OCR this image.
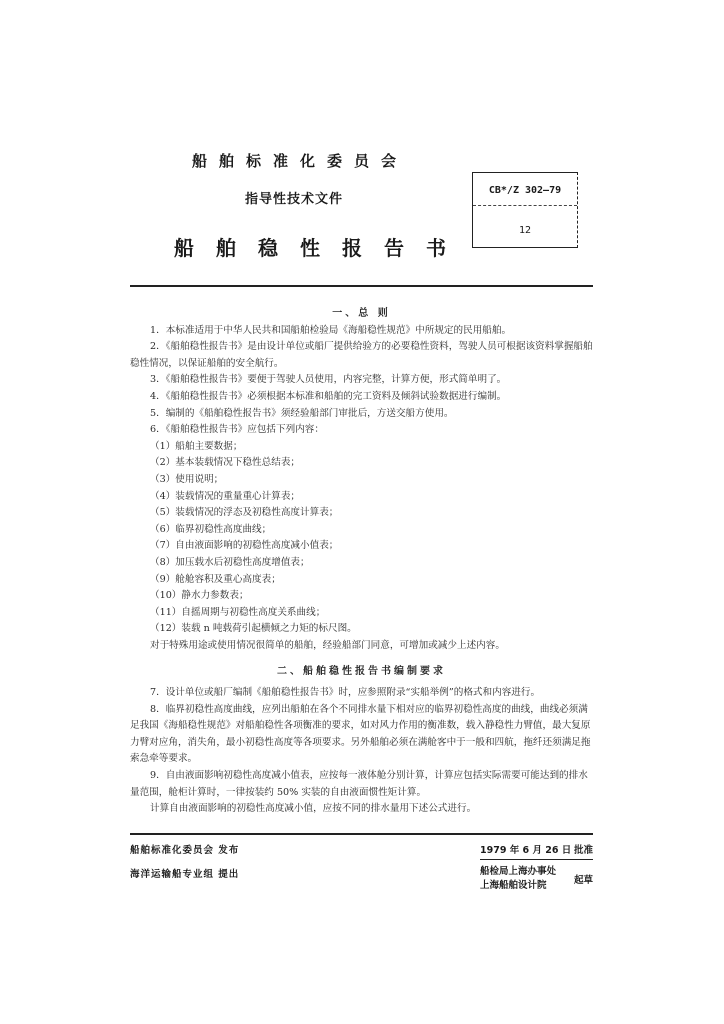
船舶标准化委员会
指导性技术文件
船舶稳性报告书
CB*/Z 302—79
12

一、总 则

1．本标准适用于中华人民共和国船舶检验局《海船稳性规范》中所规定的民用船舶。

2．《船舶稳性报告书》是由设计单位或船厂提供给验方的必要稳性资料，驾驶人员可根据该资料掌握船舶稳性情况，以保证船舶的安全航行。

3．《船舶稳性报告书》要便于驾驶人员使用，内容完整，计算方便，形式简单明了。

4．《船舶稳性报告书》必须根据本标准和船舶的完工资料及倾斜试验数据进行编制。

5．编制的《船舶稳性报告书》须经验船部门审批后，方送交船方使用。

6．《船舶稳性报告书》应包括下列内容：

（1）船舶主要数据；

（2）基本装载情况下稳性总结表；

（3）使用说明；

（4）装载情况的重量重心计算表；

（5）装载情况的浮态及初稳性高度计算表；

（6）临界初稳性高度曲线；

（7）自由液面影响的初稳性高度减小值表；

（8）加压载水后初稳性高度增值表；

（9）舱舱容积及重心高度表；

（10）静水力参数表；

（11）自摇周期与初稳性高度关系曲线；

（12）装载 n 吨载荷引起横倾之力矩的标尺图。

对于特殊用途或使用情况很简单的船舶，经验船部门同意，可增加或减少上述内容。

二、船舶稳性报告书编制要求

7．设计单位或船厂编制《船舶稳性报告书》时，应参照附录“实船举例”的格式和内容进行。

8．临界初稳性高度曲线，应列出船舶在各个不同排水量下相对应的临界初稳性高度的曲线，曲线必须满足我国《海船稳性规范》对船舶稳性各项衡准的要求，如对风力作用的衡准数，载入静稳性力臂值，最大复原力臂对应角，消失角，最小初稳性高度等各项要求。另外船舶必须在满舱客中于一般和四航，拖纤还须满足拖索急牵等要求。

9．自由液面影响初稳性高度减小值表，应按每一液体舱分别计算，计算应包括实际需要可能达到的排水量范围，舱柜计算时，一律按装约 50% 实装的自由液面惯性矩计算。

计算自由液面影响的初稳性高度减小值，应按不同的排水量用下述公式进行。

船舶标准化委员会 发布
海洋运输船专业组 提出
1979 年 6 月 26 日 批准
船检局上海办事处
上海船舶设计院	起草
